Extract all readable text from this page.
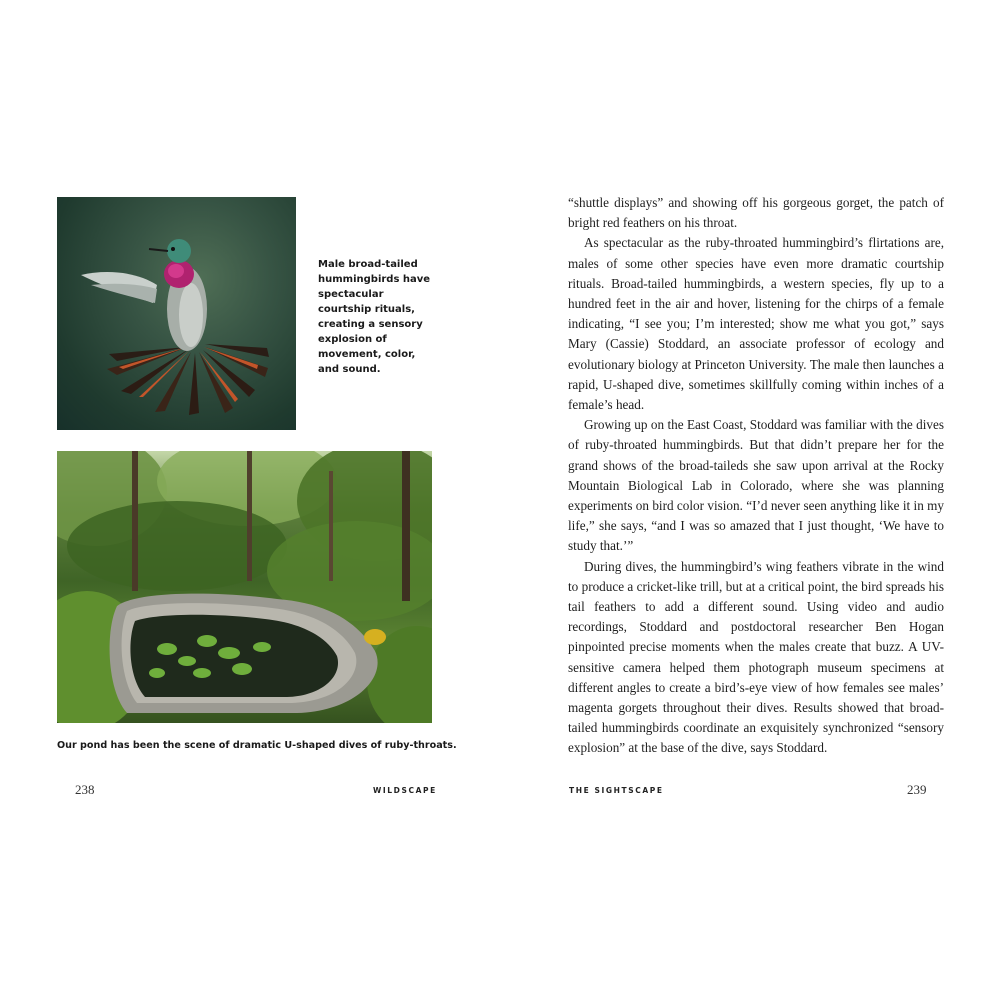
Male broad-tailed hummingbirds have spectacular courtship rituals, creating a sensory explosion of movement, color, and sound.

Our pond has been the scene of dramatic U-shaped dives of ruby-throats.

238	WILDSCAPE

“shuttle displays” and showing off his gorgeous gorget, the patch of bright red feathers on his throat.

As spectacular as the ruby-throated hummingbird’s flirtations are, males of some other species have even more dramatic courtship rituals. Broad-tailed hummingbirds, a western species, fly up to a hundred feet in the air and hover, listening for the chirps of a female indicating, “I see you; I’m interested; show me what you got,” says Mary (Cassie) Stoddard, an associate professor of ecology and evolutionary biology at Princeton University. The male then launches a rapid, U-shaped dive, sometimes skillfully coming within inches of a female’s head.

Growing up on the East Coast, Stoddard was familiar with the dives of ruby-throated hummingbirds. But that didn’t prepare her for the grand shows of the broad-taileds she saw upon arrival at the Rocky Mountain Biological Lab in Colorado, where she was planning experiments on bird color vision. “I’d never seen anything like it in my life,” she says, “and I was so amazed that I just thought, ‘We have to study that.’”

During dives, the hummingbird’s wing feathers vibrate in the wind to produce a cricket-like trill, but at a critical point, the bird spreads his tail feathers to add a different sound. Using video and audio recordings, Stoddard and postdoctoral researcher Ben Hogan pinpointed precise moments when the males create that buzz. A UV-sensitive camera helped them photograph museum specimens at different angles to create a bird’s-eye view of how females see males’ magenta gorgets throughout their dives. Results showed that broad-tailed hummingbirds coordinate an exquisitely synchronized “sensory explosion” at the base of the dive, says Stoddard.

THE SIGHTSCAPE	239
